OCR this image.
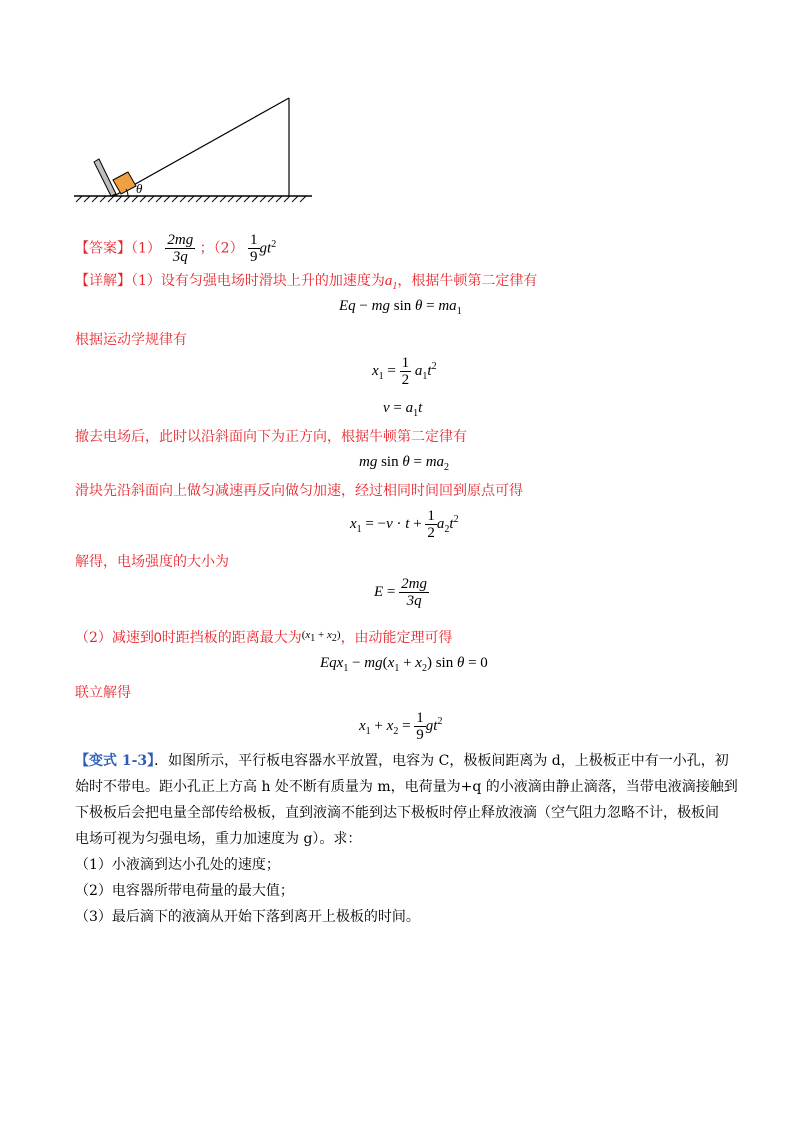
θ
【答案】$(1) \frac{2mg}{3q}$ ；$(2) \frac{1}{9} gt^2$
【详解】（1）设有匀强电场时滑块上升的加速度为$a_1$，根据牛顿第二定律有
Eq − mg $\sin \theta = ma_1$
根据运动学规律有
$x_1 = \frac{1}{2} a_1t^2$
$v = a_1t$
撤去电场后，此时以沿斜面向下为正方向，根据牛顿第二定律有
mg $\sin \theta = ma_2$
滑块先沿斜面向上做匀减速再反向做匀加速，经过相同时间回到原点可得
$x_1 = -v \cdot t + \frac{1}{2} a_2t^2$
解得，电场强度的大小为
$E = \frac{2mg}{3q}$
（2）减速到0时距挡板的距离最大为$^{(x1 + x2)}$，由动能定理可得
$Eqx_1 - mg(x_1 + x_2)$ sin θ = 0
联立解得
$x_1 + x_2 = \frac{1}{9} gt^2$
【变式 1-3】．如图所示，平行板电容器水平放置，电容为 C，极板间距离为 d，上极板正中有一小孔，初
始时不带电。距小孔正上方高 h 处不断有质量为 m，电荷量为+q 的小液滴由静止滴落，当带电液滴接触到
下极板后会把电量全部传给极板，直到液滴不能到达下极板时停止释放液滴（空气阻力忽略不计，极板间
电场可视为匀强电场，重力加速度为 g）。求：
（1）小液滴到达小孔处的速度；
（2）电容器所带电荷量的最大值；
（3）最后滴下的液滴从开始下落到离开上极板的时间。
